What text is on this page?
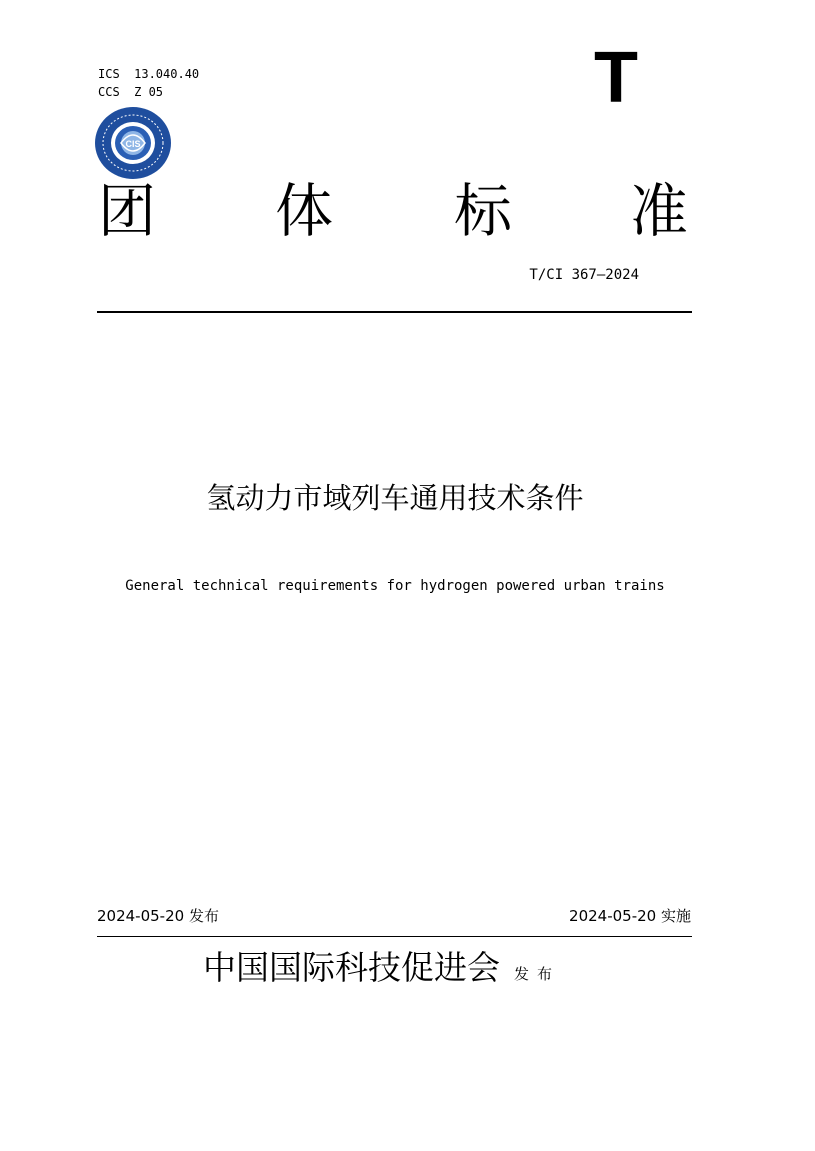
ICS  13.040.40
CCS  Z 05	T
CIS
团 体 标 准
T/CI 367—2024
氢动力市域列车通用技术条件
General technical requirements for hydrogen powered urban trains
2024-05-20 发布	2024-05-20 实施
中国国际科技促进会 发布
